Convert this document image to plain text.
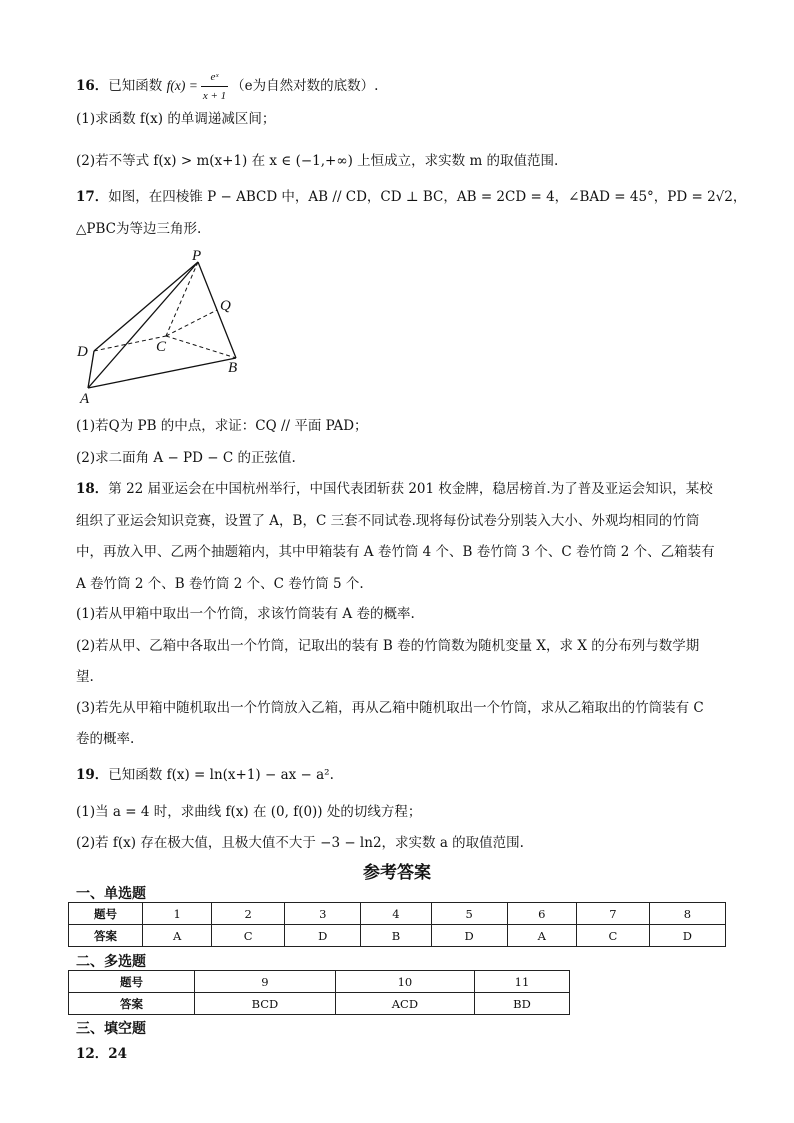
16．已知函数 $f(x) = \frac{\text{eˣ}}{x + 1} (e$为自然对数的底数）.
(1)求函数 f(x) 的单调递减区间；
(2)若不等式 f(x) > m(x+1) 在 x ∈ (−1,+∞) 上恒成立，求实数 m 的取值范围.
17．如图，在四棱锥 P − ABCD 中，AB // CD，CD ⊥ BC，AB = 2CD = 4，∠BAD = 45°，PD = 2√2，
△PBC为等边三角形.
P
Q
C
D
B
A
(1)若Q为 PB 的中点，求证：CQ // 平面 PAD；
(2)求二面角 A − PD − C 的正弦值.
18．第 22 届亚运会在中国杭州举行，中国代表团斩获 201 枚金牌，稳居榜首.为了普及亚运会知识，某校
组织了亚运会知识竞赛，设置了 A，B，C 三套不同试卷.现将每份试卷分别装入大小、外观均相同的竹筒
中，再放入甲、乙两个抽题箱内，其中甲箱装有 A 卷竹筒 4 个、B 卷竹筒 3 个、C 卷竹筒 2 个、乙箱装有
A 卷竹筒 2 个、B 卷竹筒 2 个、C 卷竹筒 5 个.
(1)若从甲箱中取出一个竹筒，求该竹筒装有 A 卷的概率.
(2)若从甲、乙箱中各取出一个竹筒，记取出的装有 B 卷的竹筒数为随机变量 X，求 X 的分布列与数学期
望.
(3)若先从甲箱中随机取出一个竹筒放入乙箱，再从乙箱中随机取出一个竹筒，求从乙箱取出的竹筒装有 C
卷的概率.
19．已知函数 f(x) = ln(x+1) − ax − a².
(1)当 a = 4 时，求曲线 f(x) 在 (0, f(0)) 处的切线方程；
(2)若 f(x) 存在极大值，且极大值不大于 −3 − ln2，求实数 a 的取值范围.
参考答案
一、单选题
题号	1	2	3	4	5	6	7	8
答案	A	C	D	B	D	A	C	D
二、多选题
题号	9	10	11
答案	BCD	ACD	BD
三、填空题
12．24
